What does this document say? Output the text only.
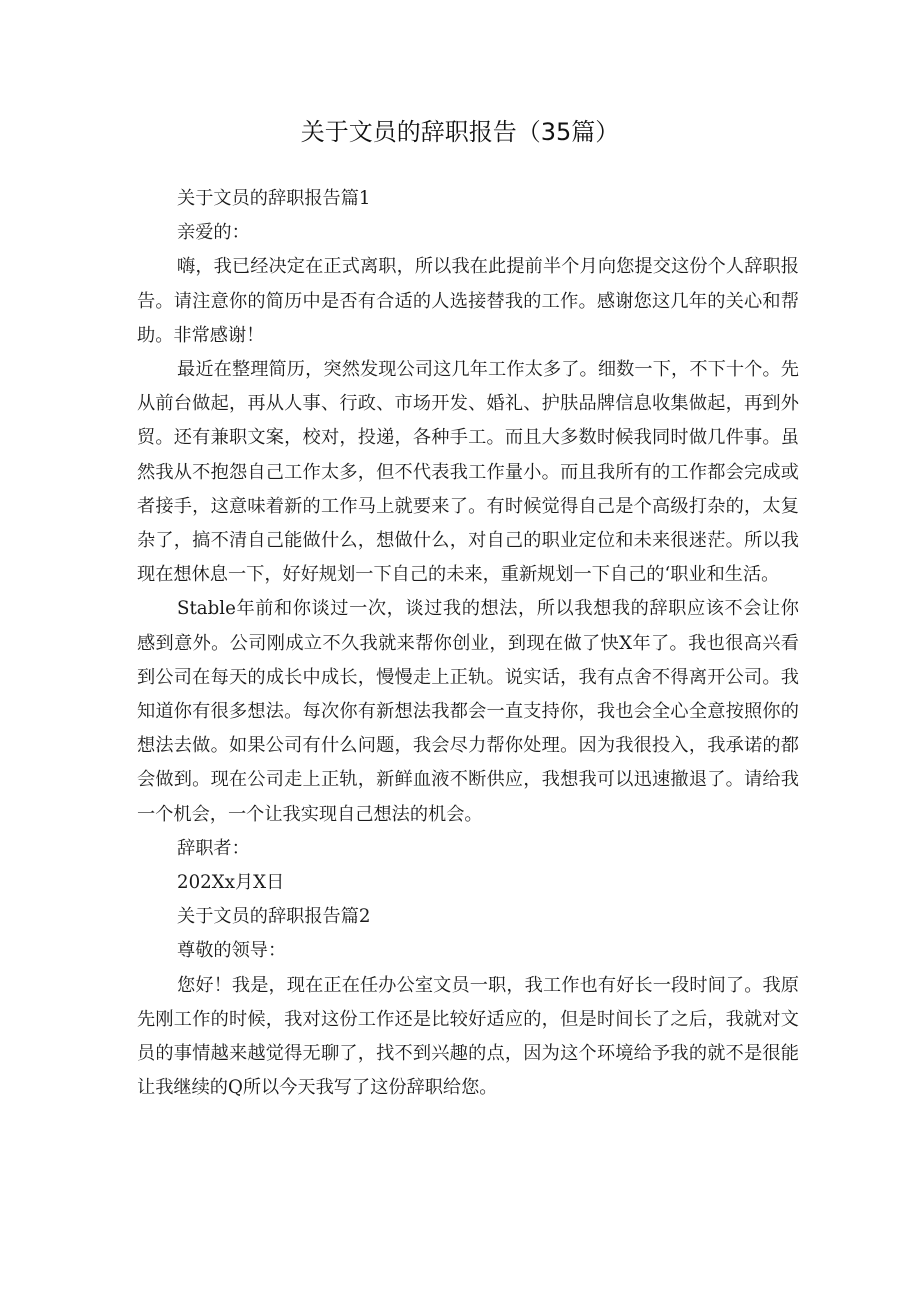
关于文员的辞职报告（35篇）

关于文员的辞职报告篇1

亲爱的：

嗨，我已经决定在正式离职，所以我在此提前半个月向您提交这份个人辞职报告。请注意你的简历中是否有合适的人选接替我的工作。感谢您这几年的关心和帮助。非常感谢！

最近在整理简历，突然发现公司这几年工作太多了。细数一下，不下十个。先从前台做起，再从人事、行政、市场开发、婚礼、护肤品牌信息收集做起，再到外贸。还有兼职文案，校对，投递，各种手工。而且大多数时候我同时做几件事。虽然我从不抱怨自己工作太多，但不代表我工作量小。而且我所有的工作都会完成或者接手，这意味着新的工作马上就要来了。有时候觉得自己是个高级打杂的，太复杂了，搞不清自己能做什么，想做什么，对自己的职业定位和未来很迷茫。所以我现在想休息一下，好好规划一下自己的未来，重新规划一下自己的‘职业和生活。

Stable年前和你谈过一次，谈过我的想法，所以我想我的辞职应该不会让你感到意外。公司刚成立不久我就来帮你创业，到现在做了快X年了。我也很高兴看到公司在每天的成长中成长，慢慢走上正轨。说实话，我有点舍不得离开公司。我知道你有很多想法。每次你有新想法我都会一直支持你，我也会全心全意按照你的想法去做。如果公司有什么问题，我会尽力帮你处理。因为我很投入，我承诺的都会做到。现在公司走上正轨，新鲜血液不断供应，我想我可以迅速撤退了。请给我一个机会，一个让我实现自己想法的机会。

辞职者：

202Xx月X日

关于文员的辞职报告篇2

尊敬的领导：

您好！我是，现在正在任办公室文员一职，我工作也有好长一段时间了。我原先刚工作的时候，我对这份工作还是比较好适应的，但是时间长了之后，我就对文员的事情越来越觉得无聊了，找不到兴趣的点，因为这个环境给予我的就不是很能让我继续的Q所以今天我写了这份辞职给您。
